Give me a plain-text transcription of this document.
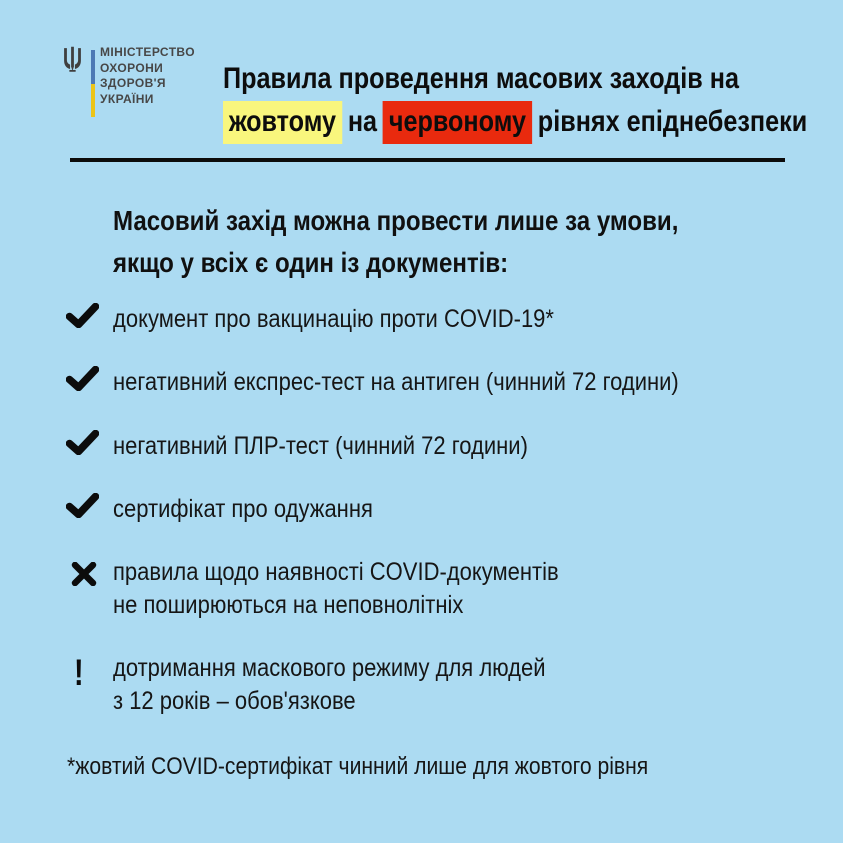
МІНІСТЕРСТВО
ОХОРОНИ
ЗДОРОВ'Я
УКРАЇНИ
Правила проведення масових заходів на
жовтому на червоному рівнях епіднебезпеки
Масовий захід можна провести лише за умови,
якщо у всіх є один із документів:
документ про вакцинацію проти COVID-19*
негативний експрес-тест на антиген (чинний 72 години)
негативний ПЛР-тест (чинний 72 години)
сертифікат про одужання
правила щодо наявності COVID-документів
не поширюються на неповнолітніх
! дотримання маскового режиму для людей
з 12 років – обов'язкове
*жовтий COVID-сертифікат чинний лише для жовтого рівня
